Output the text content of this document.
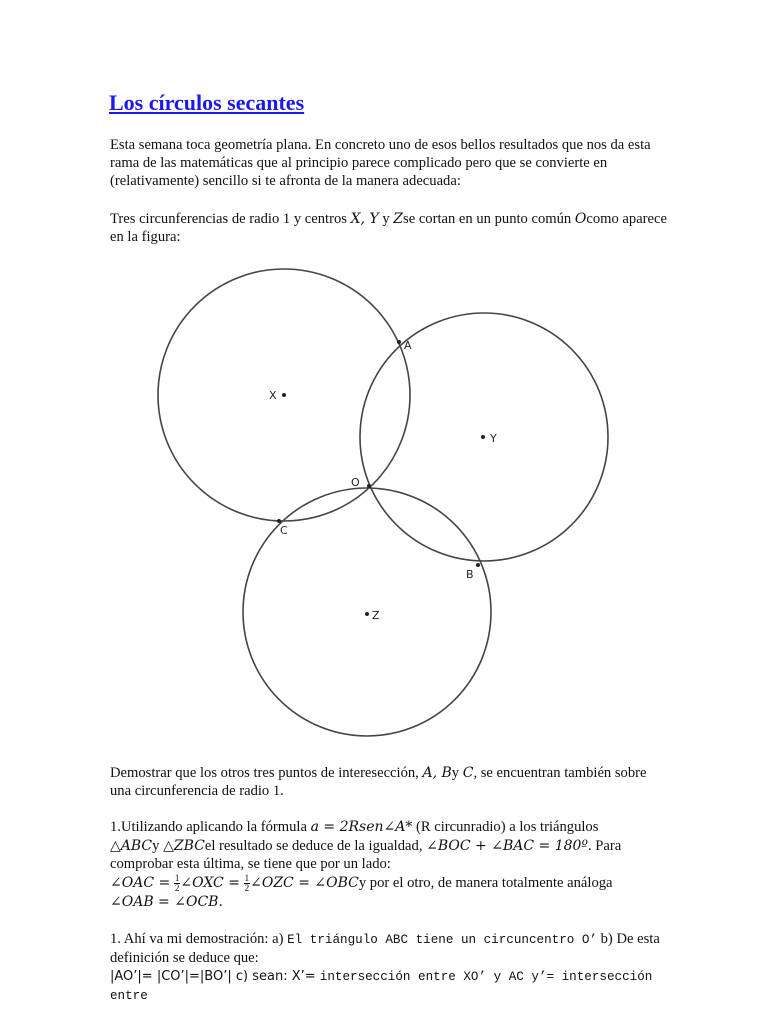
Los círculos secantes

Esta semana toca geometría plana. En concreto uno de esos bellos resultados que nos da esta rama de las matemáticas que al principio parece complicado pero que se convierte en (relativamente) sencillo si te afronta de la manera adecuada:

Tres circunferencias de radio 1 y centros X, Y y Zse cortan en un punto común Ocomo aparece en la figura:

X
Y
Z
O
A
C
B

Demostrar que los otros tres puntos de interesección, A, By C, se encuentran también sobre una circunferencia de radio 1.

1.Utilizando aplicando la fórmula a = 2Rsen∠A* (R circunradio) a los triángulos
△ABCy △ZBCel resultado se deduce de la igualdad, ∠BOC + ∠BAC = 180º. Para comprobar esta última, se tiene que por un lado:
∠OAC = $\frac{1}{2}$ ∠OXC = $\frac{1}{2}$ ∠OZC = ∠OBCy por el otro, de manera totalmente análoga
∠OAB = ∠OCB.

1. Ahí va mi demostración: a) El triángulo ABC tiene un circuncentro O’ b) De esta definición se deduce que:
|AO’|= |CO’|=|BO’| c) sean: X’= intersección entre XO’ y AC y’= intersección entre
